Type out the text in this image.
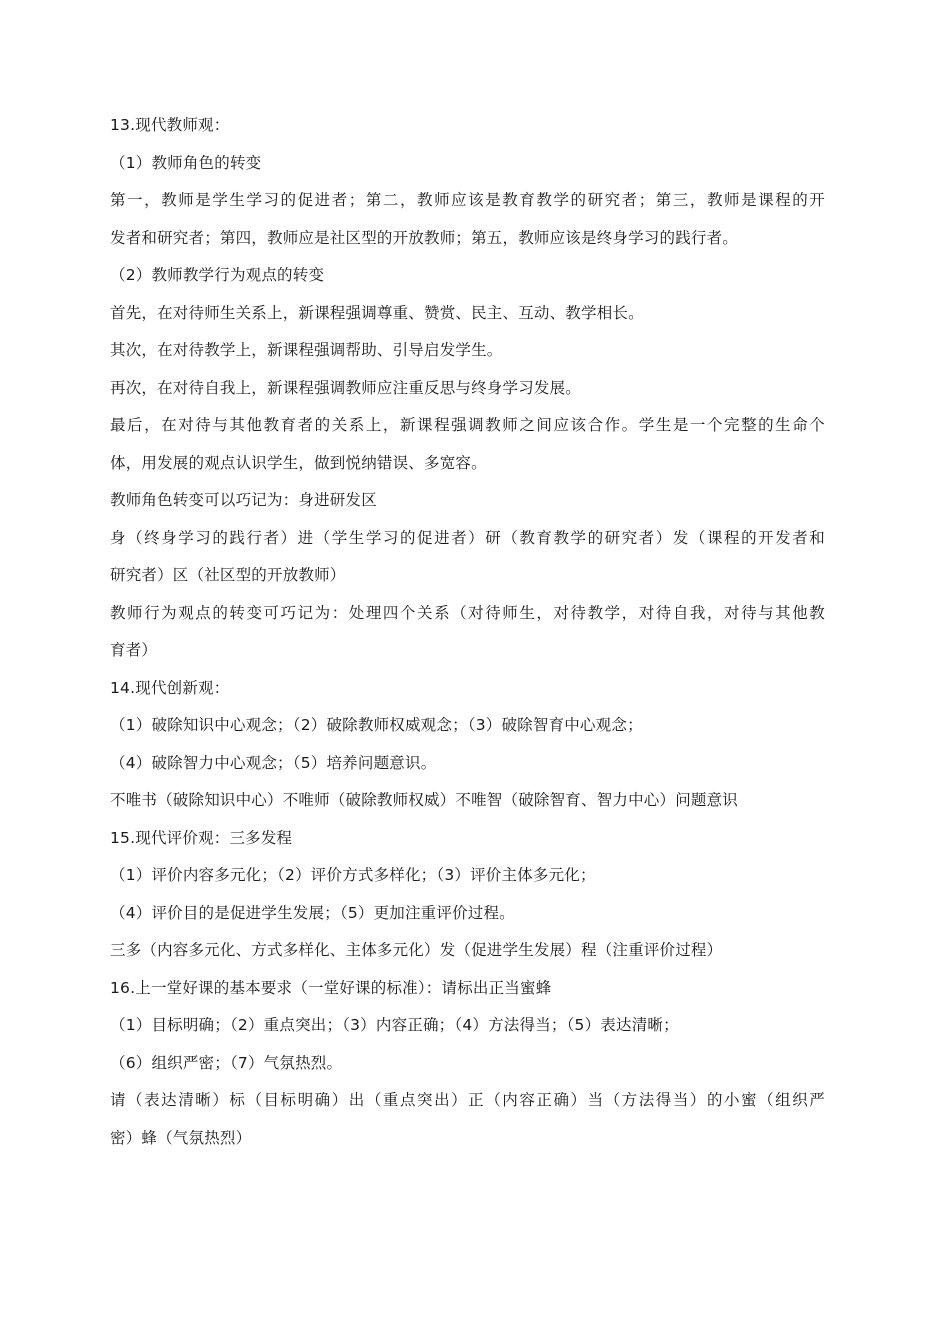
13.现代教师观：
（1）教师角色的转变
第一，教师是学生学习的促进者；第二，教师应该是教育教学的研究者；第三，教师是课程的开
发者和研究者；第四，教师应是社区型的开放教师；第五，教师应该是终身学习的践行者。
（2）教师教学行为观点的转变
首先，在对待师生关系上，新课程强调尊重、赞赏、民主、互动、教学相长。
其次，在对待教学上，新课程强调帮助、引导启发学生。
再次，在对待自我上，新课程强调教师应注重反思与终身学习发展。
最后，在对待与其他教育者的关系上，新课程强调教师之间应该合作。学生是一个完整的生命个
体，用发展的观点认识学生，做到悦纳错误、多宽容。
教师角色转变可以巧记为：身进研发区
身（终身学习的践行者）进（学生学习的促进者）研（教育教学的研究者）发（课程的开发者和
研究者）区（社区型的开放教师）
教师行为观点的转变可巧记为：处理四个关系（对待师生，对待教学，对待自我，对待与其他教
育者）
14.现代创新观：
（1）破除知识中心观念；（2）破除教师权威观念；（3）破除智育中心观念；
（4）破除智力中心观念；（5）培养问题意识。
不唯书（破除知识中心）不唯师（破除教师权威）不唯智（破除智育、智力中心）问题意识
15.现代评价观：三多发程
（1）评价内容多元化；（2）评价方式多样化；（3）评价主体多元化；
（4）评价目的是促进学生发展；（5）更加注重评价过程。
三多（内容多元化、方式多样化、主体多元化）发（促进学生发展）程（注重评价过程）
16.上一堂好课的基本要求（一堂好课的标准）：请标出正当蜜蜂
（1）目标明确；（2）重点突出；（3）内容正确；（4）方法得当；（5）表达清晰；
（6）组织严密；（7）气氛热烈。
请（表达清晰）标（目标明确）出（重点突出）正（内容正确）当（方法得当）的小蜜（组织严
密）蜂（气氛热烈）
